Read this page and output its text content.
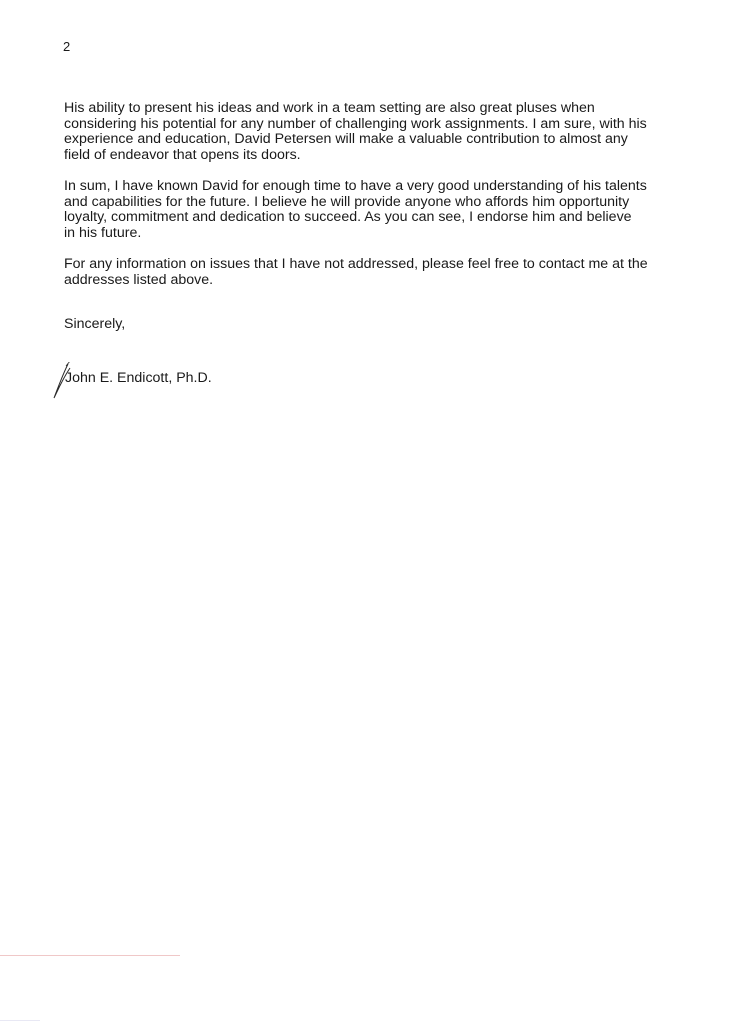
2

His ability to present his ideas and work in a team setting are also great pluses when
considering his potential for any number of challenging work assignments. I am sure, with his
experience and education, David Petersen will make a valuable contribution to almost any
field of endeavor that opens its doors.

In sum, I have known David for enough time to have a very good understanding of his talents
and capabilities for the future. I believe he will provide anyone who affords him opportunity
loyalty, commitment and dedication to succeed. As you can see, I endorse him and believe
in his future.

For any information on issues that I have not addressed, please feel free to contact me at the
addresses listed above.

Sincerely,
John E. Endicott, Ph.D.
